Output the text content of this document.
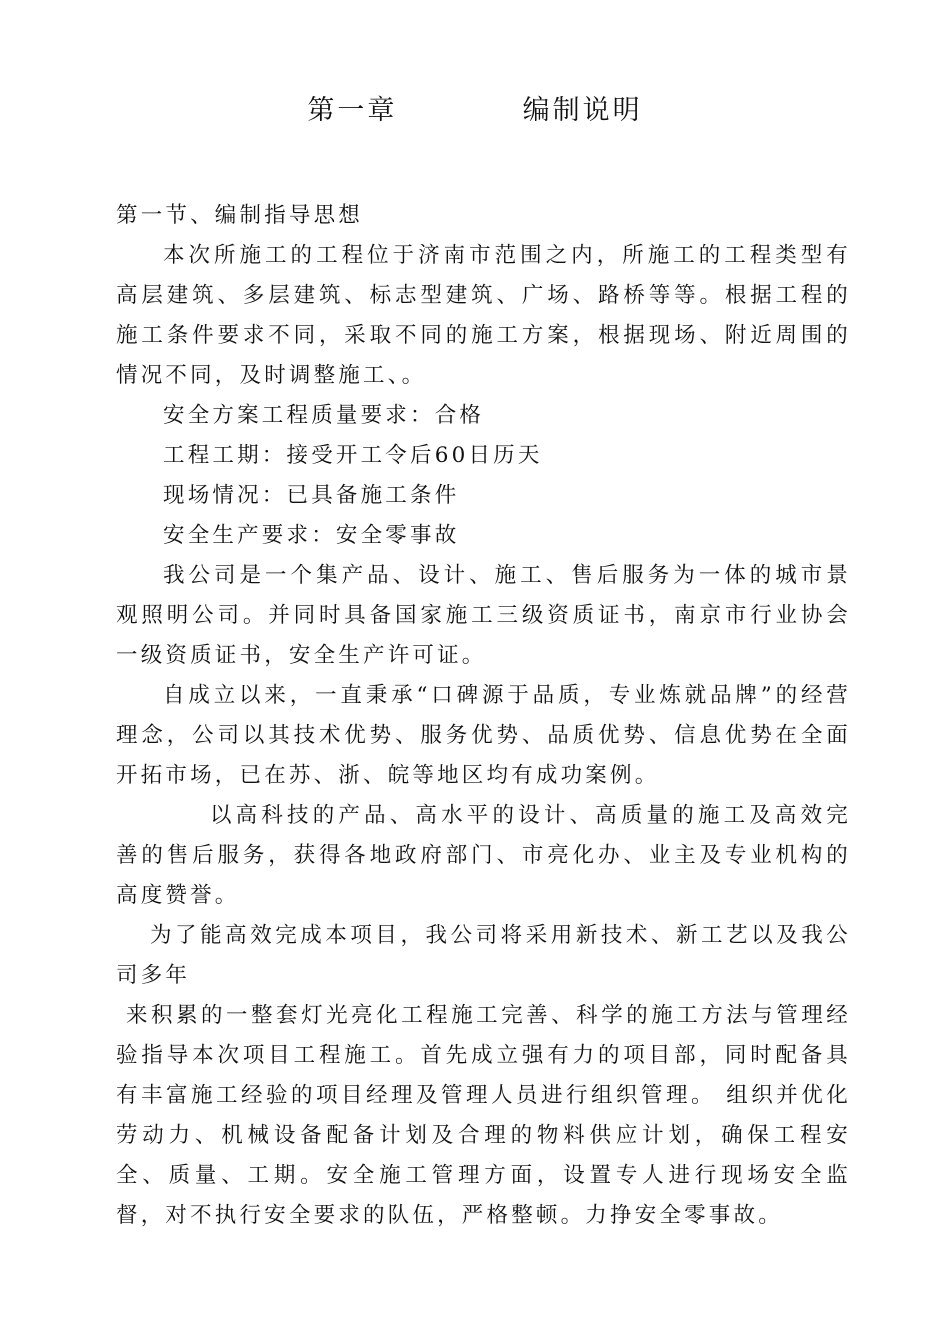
第一章	　编制说明
第一节、编制指导思想

本次所施工的工程位于济南市范围之内，所施工的工程类型有高层建筑、多层建筑、标志型建筑、广场、路桥等等。根据工程的施工条件要求不同，采取不同的施工方案，根据现场、附近周围的情况不同，及时调整施工、。

安全方案工程质量要求：合格

工程工期：接受开工令后60日历天

现场情况：已具备施工条件

安全生产要求：安全零事故

我公司是一个集产品、设计、施工、售后服务为一体的城市景观照明公司。并同时具备国家施工三级资质证书，南京市行业协会一级资质证书，安全生产许可证。

自成立以来，一直秉承“口碑源于品质，专业炼就品牌”的经营理念，公司以其技术优势、服务优势、品质优势、信息优势在全面开拓市场，已在苏、浙、皖等地区均有成功案例。

以高科技的产品、高水平的设计、高质量的施工及高效完善的售后服务，获得各地政府部门、市亮化办、业主及专业机构的高度赞誉。

为了能高效完成本项目，我公司将采用新技术、新工艺以及我公司多年

来积累的一整套灯光亮化工程施工完善、科学的施工方法与管理经验指导本次项目工程施工。首先成立强有力的项目部，同时配备具有丰富施工经验的项目经理及管理人员进行组织管理。 组织并优化劳动力、机械设备配备计划及合理的物料供应计划，确保工程安全、质量、工期。安全施工管理方面，设置专人进行现场安全监督，对不执行安全要求的队伍，严格整顿。力挣安全零事故。
